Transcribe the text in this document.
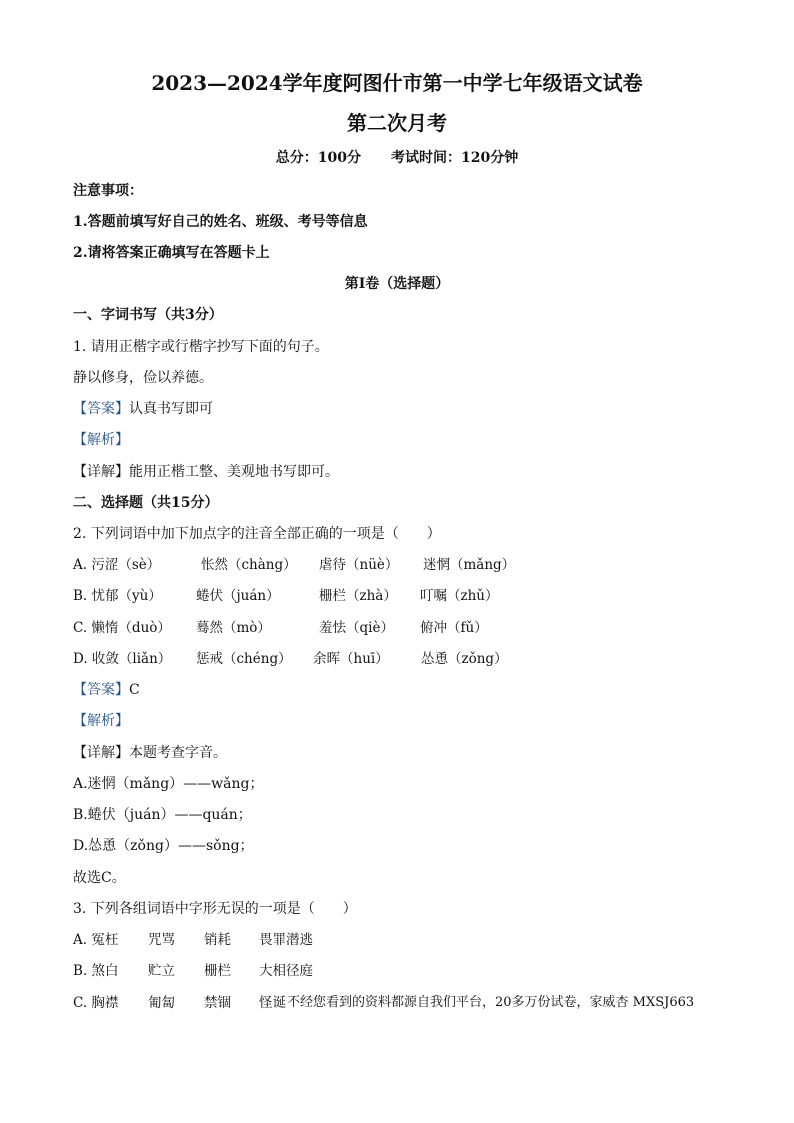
2023—2024学年度阿图什市第一中学七年级语文试卷
第二次月考
总分：100分 考试时间：120分钟
注意事项：
1.答题前填写好自己的姓名、班级、考号等信息
2.请将答案正确填写在答题卡上
第Ⅰ卷（选择题）
一、字词书写（共3分）
1. 请用正楷字或行楷字抄写下面的句子。
静以修身，俭以养德。
【答案】认真书写即可
【解析】
【详解】能用正楷工整、美观地书写即可。
二、选择题（共15分）
2. 下列词语中加下加点字的注音全部正确的一项是（　　）
A. 污涩（sè）	怅然（chàng） 虐待（nüè） 迷惘（mǎng）
B. 忧郁（yù）	蜷伏（juán）	栅栏（zhà） 叮嘱（zhǔ）
C. 懒惰（duò） 蓦然（mò）	羞怯（qiè） 俯冲（fǔ）
D. 收敛（liǎn） 惩戒（chéng） 余晖（huī） 怂恿（zǒng）
【答案】C
【解析】
【详解】本题考查字音。
A.迷惘（mǎng）——wǎng；
B.蜷伏（juán）——quán；
D.怂恿（zǒng）——sǒng；
故选C。
3. 下列各组词语中字形无误的一项是（　　）
A. 冤枉 咒骂 销耗 畏罪潜逃
B. 煞白 贮立 栅栏 大相径庭
C. 胸襟 匍匐 禁锢 怪诞 不经您看到的资料都源自我们平台，20多万份试卷，家威杏 MXSJ663
